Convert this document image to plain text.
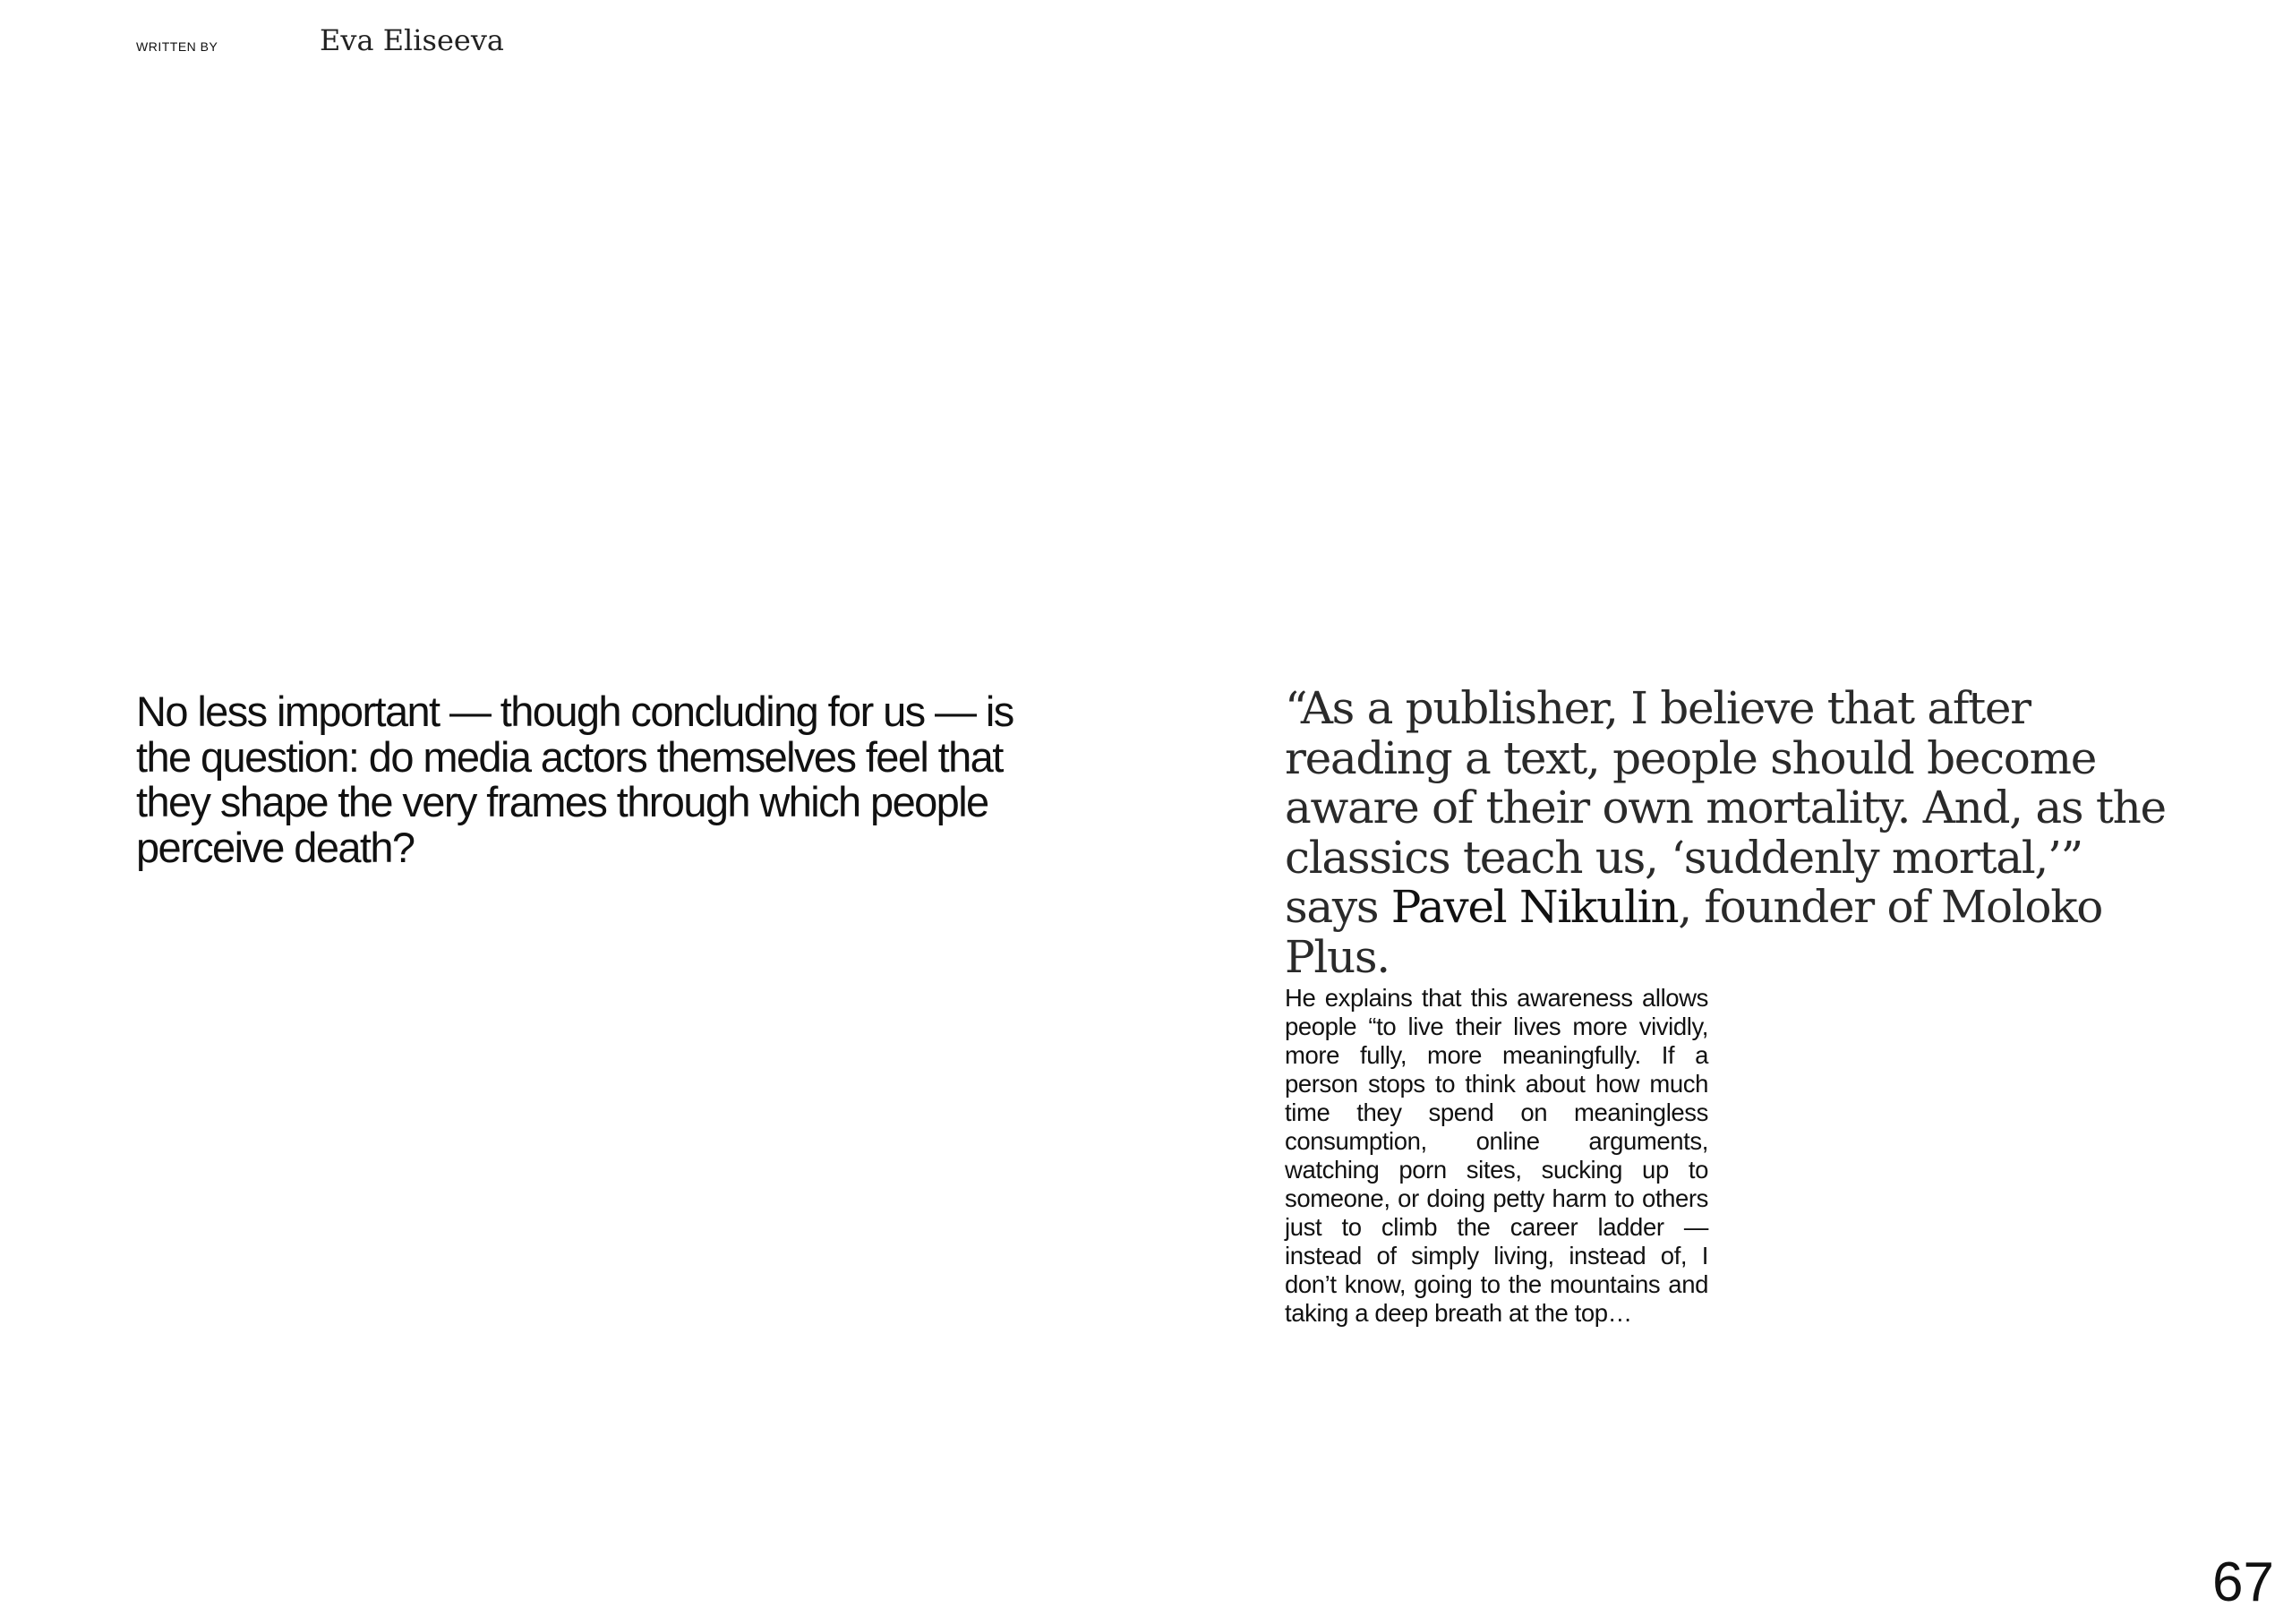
WRITTEN BY	Eva Eliseeva

No less important — though concluding for us — is the question: do media actors themselves feel that they shape the very frames through which people perceive death?

“As a publisher, I believe that after reading a text, people should become aware of their own mortality. And, as the classics teach us, ‘suddenly mortal,’” says Pavel Nikulin, founder of Moloko Plus.

He explains that this awareness allows people “to live their lives more vividly, more fully, more meaningfully. If a person stops to think about how much time they spend on meaningless consumption, online arguments, watching porn sites, sucking up to someone, or doing petty harm to others just to climb the career ladder — instead of simply living, instead of, I don’t know, going to the mountains and taking a deep breath at the top…

67
